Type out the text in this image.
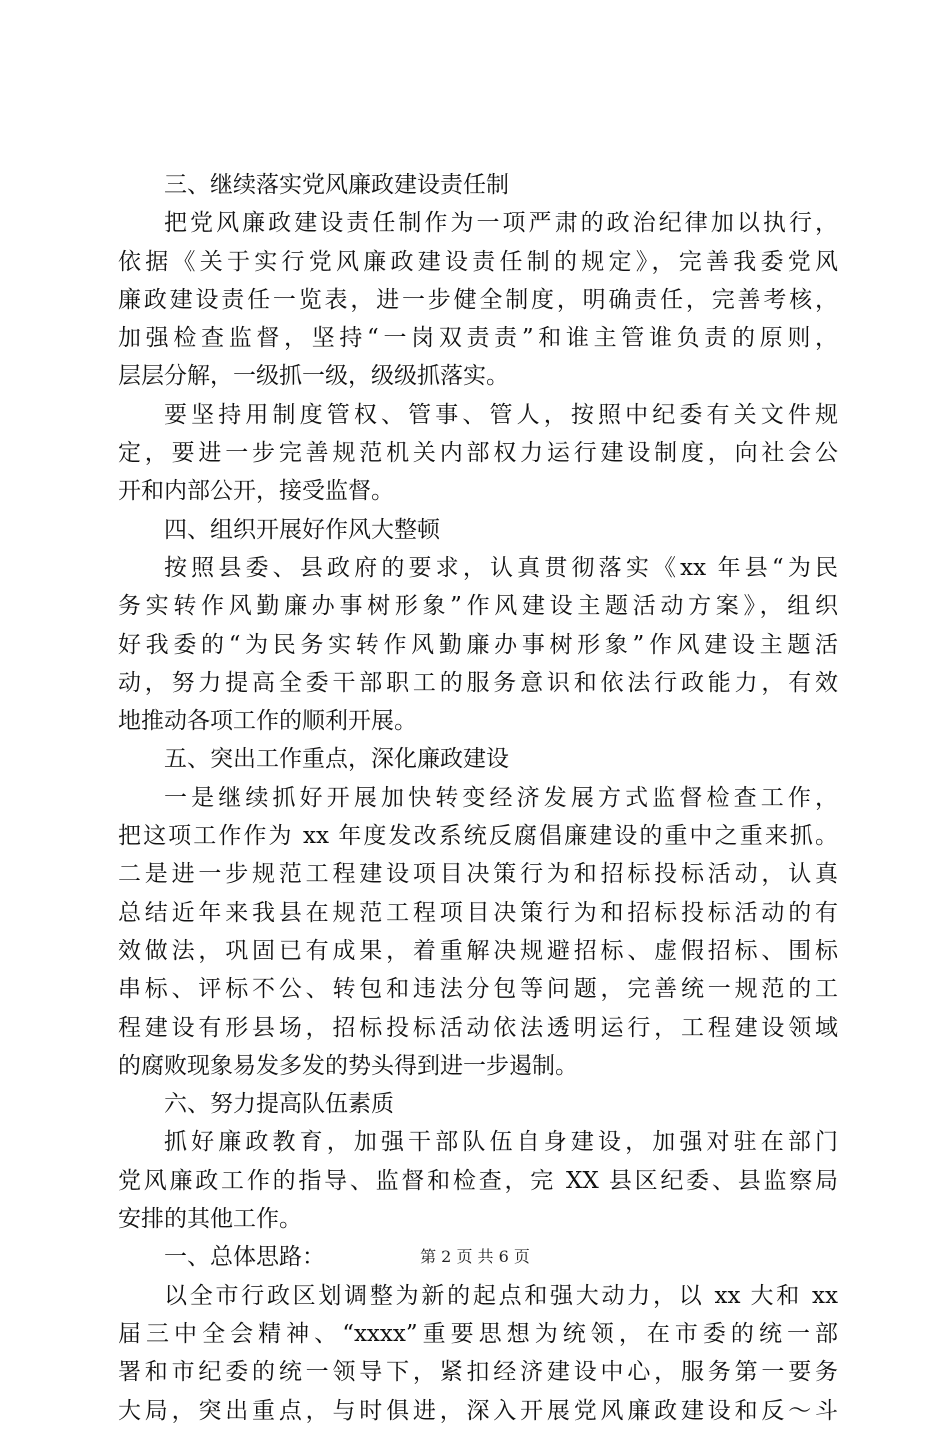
三、继续落实党风廉政建设责任制
把党风廉政建设责任制作为一项严肃的政治纪律加以执行，
依据《关于实行党风廉政建设责任制的规定》，完善我委党风
廉政建设责任一览表，进一步健全制度，明确责任，完善考核，
加强检查监督，坚持“一岗双责责”和谁主管谁负责的原则，
层层分解，一级抓一级，级级抓落实。
要坚持用制度管权、管事、管人，按照中纪委有关文件规
定，要进一步完善规范机关内部权力运行建设制度，向社会公
开和内部公开，接受监督。
四、组织开展好作风大整顿
按照县委、县政府的要求，认真贯彻落实《xx 年县“为民
务实转作风勤廉办事树形象”作风建设主题活动方案》，组织
好我委的“为民务实转作风勤廉办事树形象”作风建设主题活
动，努力提高全委干部职工的服务意识和依法行政能力，有效
地推动各项工作的顺利开展。
五、突出工作重点，深化廉政建设
一是继续抓好开展加快转变经济发展方式监督检查工作，
把这项工作作为 xx 年度发改系统反腐倡廉建设的重中之重来抓。
二是进一步规范工程建设项目决策行为和招标投标活动，认真
总结近年来我县在规范工程项目决策行为和招标投标活动的有
效做法，巩固已有成果，着重解决规避招标、虚假招标、围标
串标、评标不公、转包和违法分包等问题，完善统一规范的工
程建设有形县场，招标投标活动依法透明运行，工程建设领域
的腐败现象易发多发的势头得到进一步遏制。
六、努力提高队伍素质
抓好廉政教育，加强干部队伍自身建设，加强对驻在部门
党风廉政工作的指导、监督和检查，完 XX 县区纪委、县监察局
安排的其他工作。
一、总体思路：
以全市行政区划调整为新的起点和强大动力，以 xx 大和 xx
届三中全会精神、“xxxx”重要思想为统领，在市委的统一部
署和市纪委的统一领导下，紧扣经济建设中心，服务第一要务
大局，突出重点，与时俱进，深入开展党风廉政建设和反～斗
第 2 页 共 6 页
